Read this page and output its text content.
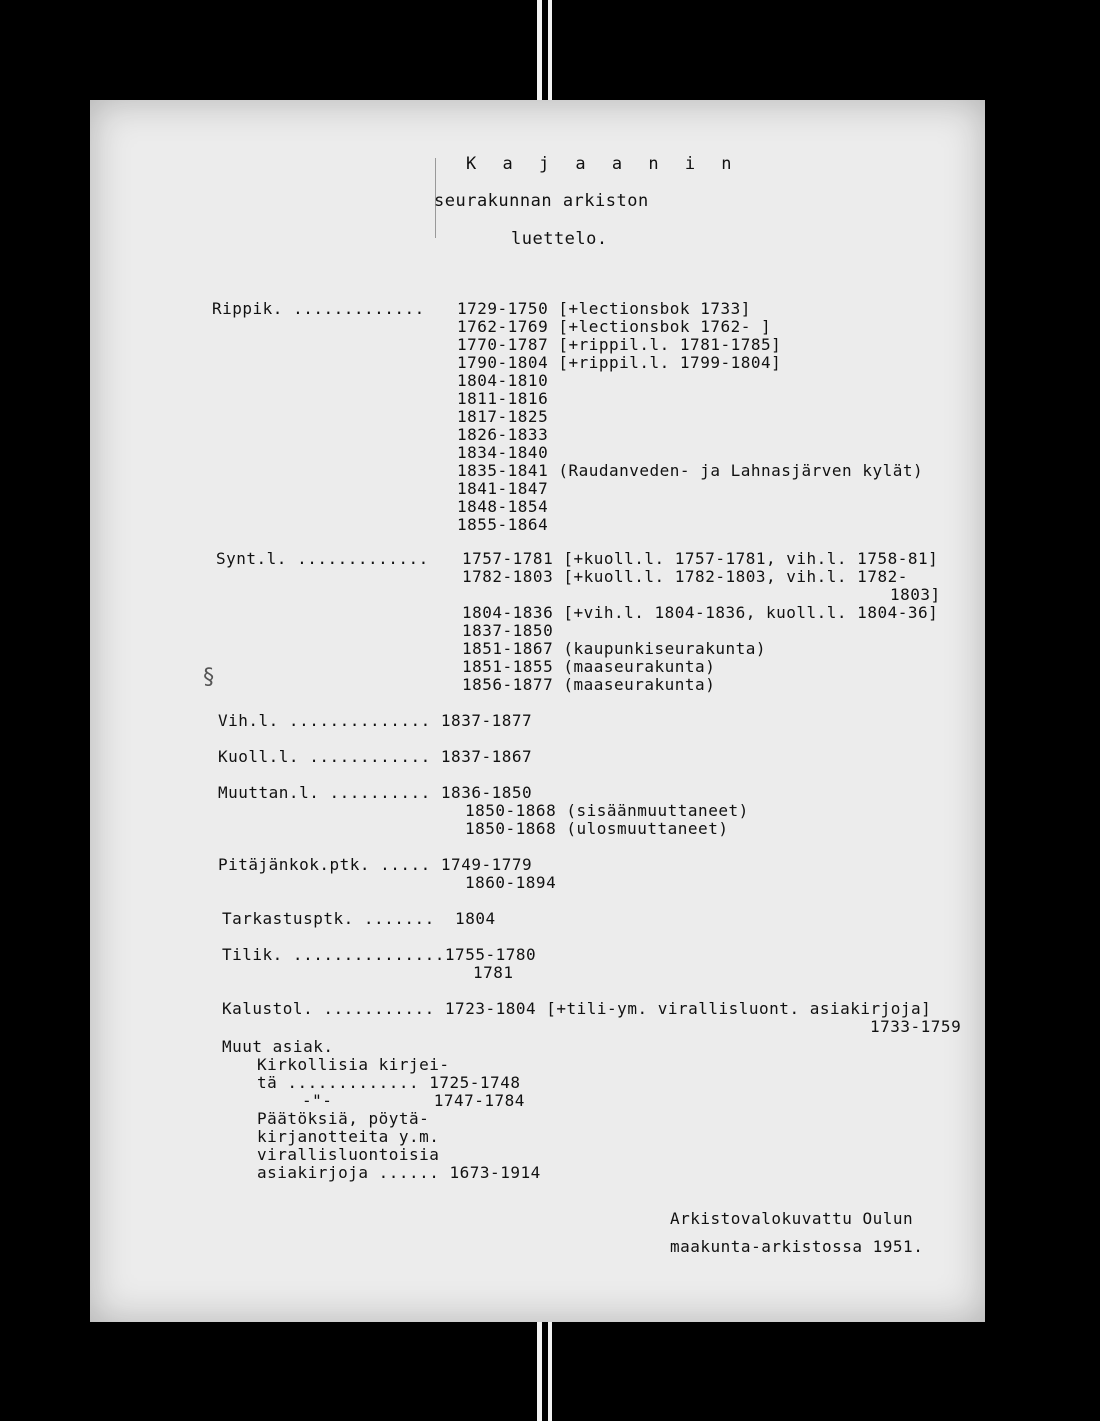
K a j a a n i n
seurakunnan arkiston
luettelo.
Rippik. ............. 1729-1750 [+lectionsbok 1733]
1762-1769 [+lectionsbok 1762- ]
1770-1787 [+rippil.l. 1781-1785]
1790-1804 [+rippil.l. 1799-1804]
1804-1810
1811-1816
1817-1825
1826-1833
1834-1840
1835-1841 (Raudanveden- ja Lahnasjärven kylät)
1841-1847
1848-1854
1855-1864
Synt.l. ............. 1757-1781 [+kuoll.l. 1757-1781, vih.l. 1758-81]
1782-1803 [+kuoll.l. 1782-1803, vih.l. 1782-
1803]
1804-1836 [+vih.l. 1804-1836, kuoll.l. 1804-36]
1837-1850
1851-1867 (kaupunkiseurakunta)
1851-1855 (maaseurakunta)
1856-1877 (maaseurakunta)
§
Vih.l. .............. 1837-1877
Kuoll.l. ............ 1837-1867
Muuttan.l. .......... 1836-1850
1850-1868 (sisäänmuuttaneet)
1850-1868 (ulosmuuttaneet)
Pitäjänkok.ptk. ..... 1749-1779
1860-1894
Tarkastusptk. .......  1804
Tilik. ...............1755-1780
1781
Kalustol. ........... 1723-1804 [+tili-ym. virallisluont. asiakirjoja]
1733-1759
Muut asiak.
Kirkollisia kirjei-
tä ............. 1725-1748
-"-          1747-1784
Päätöksiä, pöytä-
kirjanotteita y.m.
virallisluontoisia
asiakirjoja ...... 1673-1914
Arkistovalokuvattu Oulun
maakunta-arkistossa 1951.
